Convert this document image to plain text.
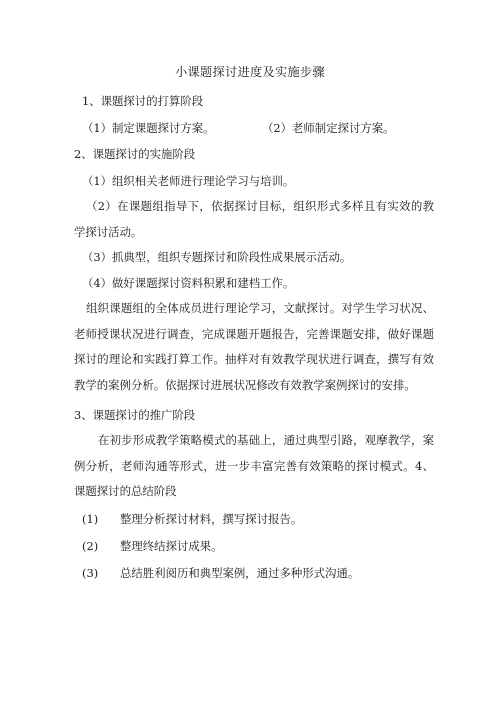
小课题探讨进度及实施步骤
1、课题探讨的打算阶段
（1）制定课题探讨方案。	（2）老师制定探讨方案。
2、课题探讨的实施阶段
（1）组织相关老师进行理论学习与培训。
（2）在课题组指导下，依据探讨目标，组织形式多样且有实效的教学探讨活动。
（3）抓典型，组织专题探讨和阶段性成果展示活动。
（4）做好课题探讨资料积累和建档工作。
组织课题组的全体成员进行理论学习，文献探讨。对学生学习状况、老师授课状况进行调查，完成课题开题报告，完善课题安排，做好课题探讨的理论和实践打算工作。抽样对有效教学现状进行调查，撰写有效教学的案例分析。依据探讨进展状况修改有效教学案例探讨的安排。
3、课题探讨的推广阶段
在初步形成教学策略模式的基础上，通过典型引路，观摩教学，案例分析，老师沟通等形式，进一步丰富完善有效策略的探讨模式。4、课题探讨的总结阶段
(1) 整理分析探讨材料，撰写探讨报告。
(2) 整理终结探讨成果。
(3) 总结胜利阅历和典型案例，通过多种形式沟通。
